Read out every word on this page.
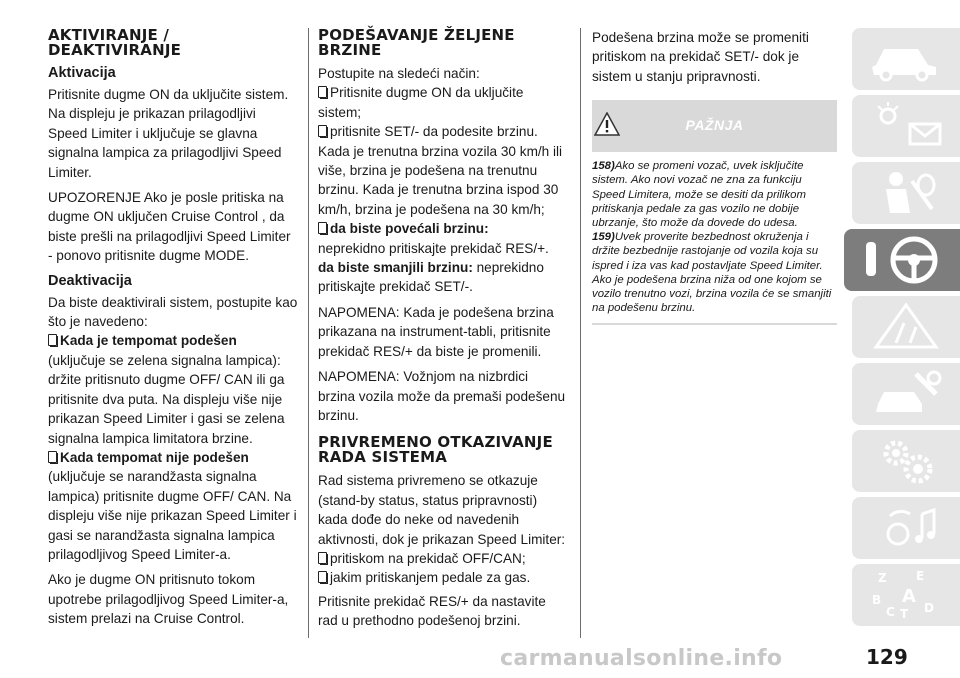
AKTIVIRANJE / DEAKTIVIRANJE
Aktivacija

Pritisnite dugme ON da uključite sistem. Na displeju je prikazan prilagodljivi Speed Limiter i uključuje se glavna signalna lampica za prilagodljivi Speed Limiter.

UPOZORENJE Ako je posle pritiska na dugme ON uključen Cruise Control , da biste prešli na prilagodljivi Speed Limiter - ponovo pritisnite dugme MODE.

Deaktivacija
Da biste deaktivirali sistem, postupite kao što je navedeno:
Kada je tempomat podešen
(uključuje se zelena signalna lampica): držite pritisnuto dugme OFF/ CAN ili ga pritisnite dva puta. Na displeju više nije prikazan Speed Limiter i gasi se zelena signalna lampica limitatora brzine.
Kada tempomat nije podešen

(uključuje se narandžasta signalna lampica) pritisnite dugme OFF/ CAN. Na displeju više nije prikazan Speed Limiter i gasi se narandžasta signalna lampica prilagodljivog Speed Limiter-a.

Ako je dugme ON pritisnuto tokom upotrebe prilagodljivog Speed Limiter-a, sistem prelazi na Cruise Control.

PODEŠAVANJE ŽELJENE BRZINE
Postupite na sledeći način:
Pritisnite dugme ON da uključite sistem;
pritisnite SET/- da podesite brzinu. Kada je trenutna brzina vozila 30 km/h ili više, brzina je podešena na trenutnu brzinu. Kada je trenutna brzina ispod 30 km/h, brzina je podešena na 30 km/h;
da biste povećali brzinu:
neprekidno pritiskajte prekidač RES/+.
da biste smanjili brzinu: neprekidno pritiskajte prekidač SET/-.

NAPOMENA: Kada je podešena brzina prikazana na instrument-tabli, pritisnite prekidač RES/+ da biste je promenili.

NAPOMENA: Vožnjom na nizbrdici brzina vozila može da premaši podešenu brzinu.

PRIVREMENO OTKAZIVANJE RADA SISTEMA

Rad sistema privremeno se otkazuje (stand-by status, status pripravnosti) kada dođe do neke od navedenih aktivnosti, dok je prikazan Speed Limiter:

pritiskom na prekidač OFF/CAN;
jakim pritiskanjem pedale za gas.

Pritisnite prekidač RES/+ da nastavite rad u prethodno podešenoj brzini.

Podešena brzina može se promeniti pritiskom na prekidač SET/- dok je sistem u stanju pripravnosti.

PAŽNJA

158)Ako se promeni vozač, uvek isključite sistem. Ako novi vozač ne zna za funkciju Speed Limitera, može se desiti da prilikom pritiskanja pedale za gas vozilo ne dobije ubrzanje, što može da dovede do udesa.

159)Uvek proverite bezbednost okruženja i držite bezbednije rastojanje od vozila koja su ispred i iza vas kad postavljate Speed Limiter. Ako je podešena brzina niža od one kojom se vozilo trenutno vozi, brzina vozila će se smanjiti na podešenu brzinu.

Z E
B A
C T D
carmanualsonline.info	129
